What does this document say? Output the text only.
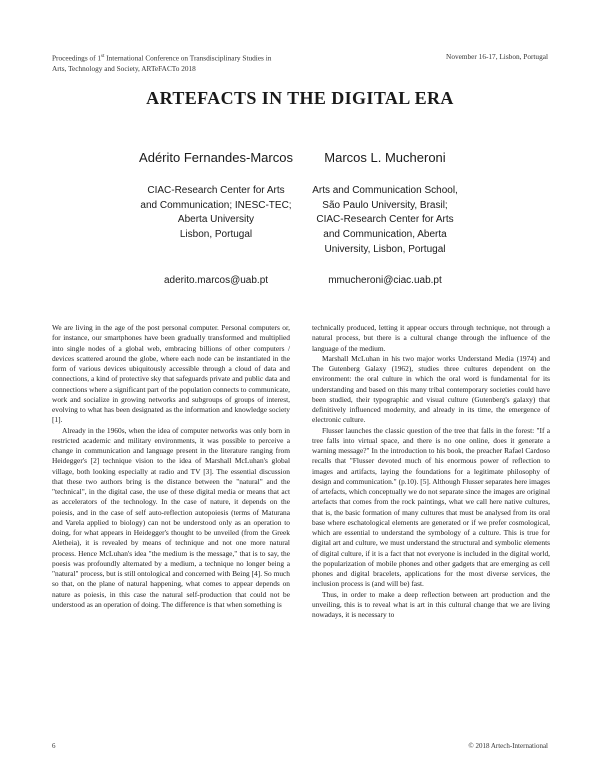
Proceedings of 1st International Conference on Transdisciplinary Studies in
Arts, Technology and Society, ARTeFACTo 2018
November 16-17, Lisbon, Portugal
ARTEFACTS IN THE DIGITAL ERA
Adérito Fernandes-Marcos
CIAC-Research Center for Arts
and Communication; INESC-TEC;
Aberta University
Lisbon, Portugal
aderito.marcos@uab.pt
Marcos L. Mucheroni
Arts and Communication School,
São Paulo University, Brasil;
CIAC-Research Center for Arts
and Communication, Aberta
University, Lisbon, Portugal
mmucheroni@ciac.uab.pt

We are living in the age of the post personal computer. Personal computers or, for instance, our smartphones have been gradually transformed and multiplied into single nodes of a global web, embracing billions of other computers / devices scattered around the globe, where each node can be instantiated in the form of various devices ubiquitously accessible through a cloud of data and connections, a kind of protective sky that safeguards private and public data and connections where a significant part of the population connects to communicate, work and socialize in growing networks and subgroups of groups of interest, evolving to what has been designated as the information and knowledge society [1].

Already in the 1960s, when the idea of computer networks was only born in restricted academic and military environments, it was possible to perceive a change in communication and language present in the literature ranging from Heidegger's [2] technique vision to the idea of Marshall McLuhan's global village, both looking especially at radio and TV [3]. The essential discussion that these two authors bring is the distance between the "natural" and the "technical", in the digital case, the use of these digital media or means that act as accelerators of the technology. In the case of nature, it depends on the poiesis, and in the case of self auto-reflection autopoiesis (terms of Maturana and Varela applied to biology) can not be understood only as an operation to doing, for what appears in Heidegger's thought to be unveiled (from the Greek Aletheia), it is revealed by means of technique and not one more natural process. Hence McLuhan's idea "the medium is the message," that is to say, the poesis was profoundly alternated by a medium, a technique no longer being a "natural" process, but is still ontological and concerned with Being [4]. So much so that, on the plane of natural happening, what comes to appear depends on nature as poiesis, in this case the natural self-production that could not be understood as an operation of doing. The difference is that when something is

technically produced, letting it appear occurs through technique, not through a natural process, but there is a cultural change through the influence of the language of the medium.

Marshall McLuhan in his two major works Understand Media (1974) and The Gutenberg Galaxy (1962), studies three cultures dependent on the environment: the oral culture in which the oral word is fundamental for its understanding and based on this many tribal contemporary societies could have been studied, their typographic and visual culture (Gutenberg's galaxy) that definitively influenced modernity, and already in its time, the emergence of electronic culture.

Flusser launches the classic question of the tree that falls in the forest: "If a tree falls into virtual space, and there is no one online, does it generate a warning message?" In the introduction to his book, the preacher Rafael Cardoso recalls that "Flusser devoted much of his enormous power of reflection to images and artifacts, laying the foundations for a legitimate philosophy of design and communication." (p.10). [5]. Although Flusser separates here images of artefacts, which conceptually we do not separate since the images are original artefacts that comes from the rock paintings, what we call here native cultures, that is, the basic formation of many cultures that must be analysed from its oral base where eschatological elements are generated or if we prefer cosmological, which are essential to understand the symbology of a culture. This is true for digital art and culture, we must understand the structural and symbolic elements of digital culture, if it is a fact that not everyone is included in the digital world, the popularization of mobile phones and other gadgets that are emerging as cell phones and digital bracelets, applications for the most diverse services, the inclusion process is (and will be) fast.

Thus, in order to make a deep reflection between art production and the unveiling, this is to reveal what is art in this cultural change that we are living nowadays, it is necessary to

6	© 2018 Artech-International
